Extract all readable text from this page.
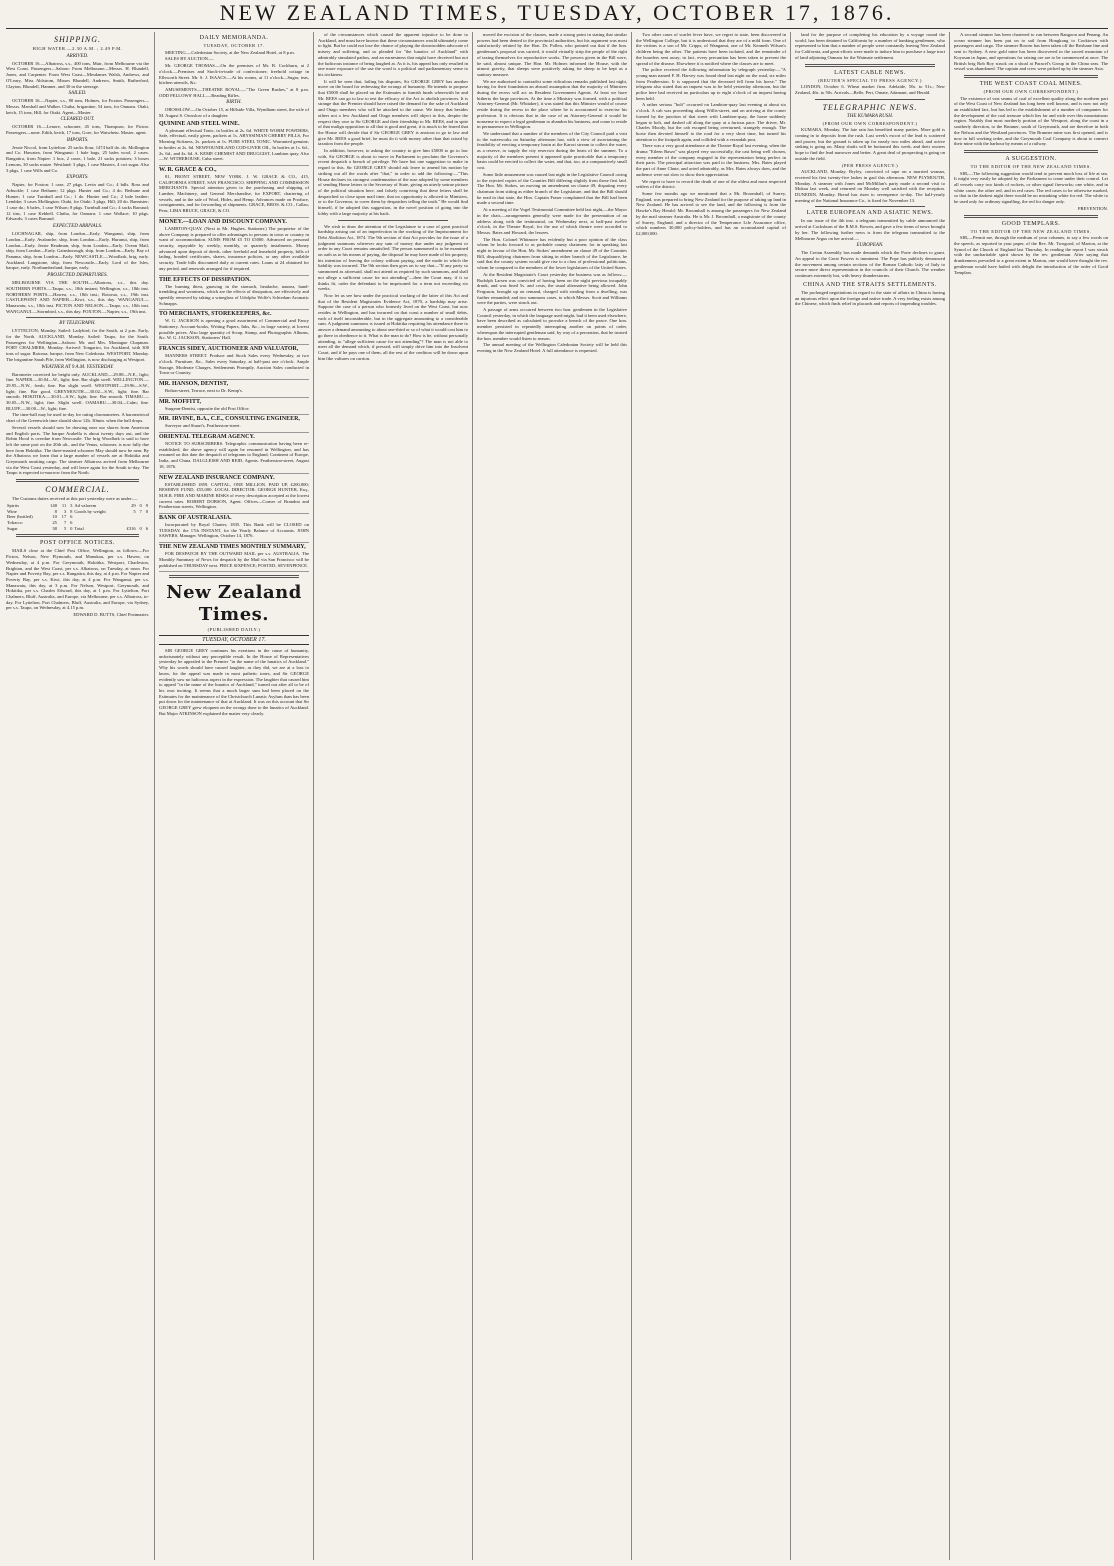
NEW ZEALAND TIMES, TUESDAY, OCTOBER 17, 1876.
SHIPPING.
HIGH WATER.—2.30 A.M. ; 2.49 P.M.
ARRIVED.

OCTOBER 16.—Albatross, s.s., 400 tons, Muir, from Melbourne via the West Coast. Passengers—Saloon: From Melbourne—Messrs. H. Blundell, Jones, and Carpenter. From West Coast—Mesdames Walsh, Andrews, and O'Leary, Miss Ahlstrom, Misses Blundell, Andrews, Smith, Rutherford, Clayton, Blundell, Hanmer, and 30 in the steerage.

SAILED.

OCTOBER 16.—Napier, s.s., 80 tons, Holmes, for Foxton. Passengers—Messrs. Marshall and Walker. Clutha, brigantine, 54 tons, for Oamaru. Otaki, ketch, 15 tons, Hill, for Otaki. Agent—Master.

CLEARED OUT.

OCTOBER 16.—Lenore, schooner, 45 tons, Thompson, for Picton. Passengers—none. Edith, ketch, 17 tons, Gore, for Waiwhetu. Master, agent.

IMPORTS.

Jessie Niccol, from Lyttelton: 25 sacks flour, 1474 half do. do. Mollington and Co. Hawatea, from Wanganui: 1 bale bags, 25 bales wool, 2 cases. Rangatira, from Napier: 1 box, 2 cases, 1 bale, 21 sacks potatoes; 3 boxes Lemons, 30 sacks maize. Westland: 3 pkgs, 1 case Masters, 4 cwt sugar. Also 3 pkgs, 1 case Wills and Co.

EXPORTS.

Napier, for Foxton: 1 case, 27 pkgs. Levin and Co.; 4 bdls. Ross and Arbuckle; 1 case Bethune; 12 pkgs. Hunter and Co.; 4 do. Bethune and Hunter; 1 case Turnbull and Co.; 1 do. Hunter and Co.; 2 bale leather; Lembke; 3 cases Mollington. Otaki, for Otaki: 3 pkgs. Hill; 20 do. Bannister; 1 case do.; 6 bales, 1 case Wilson; 8 pkgs. Turnbull and Co.; 4 sacks Barraud; 12 tins, 1 case Kebbell. Clutha, for Oamaru: 1 case Wallace; 10 pkgs. Edwards; 3 cases Barraud.

EXPECTED ARRIVALS.

LOCHNAGAR, ship, from London—Early. Wanganui, ship, from London—Early. Avalanche, ship, from London—Early. Hurunui, ship, from London—Early. Jessie Readman, ship, from London—Early. Ocean Mail, ship, from London—Early. Gainsborough, ship, from London—Early. Bay of Panama, ship, from London—Early. NEWCASTLE.—Woodlark, brig, early. Auckland. Langstone, ship, from Newcastle—Early. Lord of the Isles, barque, early. Northumberland, barque, early.

PROJECTED DEPARTURES.

MELBOURNE VIA THE SOUTH.—Albatross, s.s., this day. SOUTHERN PORTS.—Taupo, s.s., 18th instant; Wellington, s.s., 18th inst. NORTHERN PORTS.—Hawea, s.s., 18th inst.; Rotorua, s.s., 19th inst. CASTLEPOINT AND NAPIER.—Kiwi, s.s., this day. WANGANUI.—Manawatu, s.s., 18th inst. PICTON AND NELSON.—Taupo, s.s., 18th inst. WANGANUI.—Stormbird, s.s., this day. FOXTON.—Napier, s.s., 19th inst.

BY TELEGRAPH.

LYTTELTON, Monday. Sailed: Ladybird, for the South, at 2 p.m. Early, for the North. AUCKLAND, Monday. Sailed: Taupo, for the South. Passengers for Wellington—Saloon: Mr. and Mrs. Montague Chapman. PORT CHALMERS, Monday. Arrived: Tongariro, for Auckland, with 300 tons of sugar. Rotorua, barque, from New Caledonia. WESTPORT, Monday. The brigantine Sarah Pile, from Wellington, is now discharging at Westport.

WEATHER AT 9 A.M. YESTERDAY.

Barometer corrected for height only. AUCKLAND.—29.88—N.E., light; fine. NAPIER.—30.04—W., light; fine. Bar slight swell. WELLINGTON.—29.95—N.W., fresh; fine. Bar slight swell. WESTPORT.—29.96—S.W., light; fine. Bar good. GREYMOUTH.—30.02—S.W., light; fine. Bar smooth. HOKITIKA.—30.01—S.W., light; fine. Bar smooth. TIMARU.—30.05—N.W., light; fine. Slight swell. OAMARU.—30.04—Calm; fine. BLUFF.—30.00—W., light; fine.

The time-ball may be used to-day for rating chronometers. A barometrical chart of the Greenwich time should show 12h. 30min. when the ball drops.

Several vessels should now be drawing near our shores from American and English ports. The barque Arabella is about twenty days out, and the Robin Hood is overdue from Newcastle. The brig Woodlark is said to have left the same port on the 20th ult., and the Venus, schooner, is now fully due here from Hokitika. The three-masted schooner May should now be near. By the Albatross we learn that a large number of vessels are at Hokitika and Greymouth awaiting cargo. The steamer Albatross arrived from Melbourne via the West Coast yesterday, and will leave again for the South to-day. The Taupo is expected to-morrow from the North.

COMMERCIAL.

The Customs duties received at this port yesterday were as under:—

Spirits	148	11	3	Ad valorem	29	0	9
Wine	8	3	8	Goods by weight	5	7	0
Beer (bottled)	10	17	6				
Tobacco	25	7	6				
Sugar	38	5	0	Total	£316	0	6
POST OFFICE NOTICES.

MAILS close at the Chief Post Office, Wellington, as follows:—For Picton, Nelson, New Plymouth, and Manukau, per s.s. Hawea, on Wednesday, at 4 p.m. For Greymouth, Hokitika, Westport, Charleston, Brighton, and the West Coast, per s.s. Albatross, on Tuesday, at noon. For Napier and Poverty Bay, per s.s. Rangatira, this day, at 4 p.m. For Napier and Poverty Bay, per s.s. Kiwi, this day, at 4 p.m. For Wanganui, per s.s. Manawatu, this day, at 3 p.m. For Nelson, Westport, Greymouth, and Hokitika, per s.s. Charles Edward, this day, at 1 p.m. For Lyttelton, Port Chalmers, Bluff, Australia, and Europe, via Melbourne, per s.s. Albatross, to-day. For Lyttelton, Port Chalmers, Bluff, Australia, and Europe, via Sydney, per s.s. Taupo, on Wednesday, at 4.15 p.m.

EDWARD D. BUTTS, Chief Postmaster.

DAILY MEMORANDA.
TUESDAY, OCTOBER 17.

MEETING.—Caledonian Society, at the New Zealand Hotel, at 8 p.m.

SALES BY AUCTION.—

Mr. GEORGE THOMAS.—On the premises of Mr. B. Cockburn, at 2 o'clock.—Premises and Stock-in-trade of confectioner; freehold cottage in Ellsworth Street. Mr. S. J. ISAACS.—At his rooms, at 11 o'clock—Sugar, teas, kitchen utensils, &c.

AMUSEMENTS.—THEATRE ROYAL.—"The Green Bushes," at 8 p.m. ODD FELLOWS' HALL.—Reading Rifles.

BIRTH.

OROSSLOW.—On October 15, at Hillside Villa, Wyndham street, the wife of M. August S. Orosslow of a daughter.

QUININE AND STEEL WINE.

A pleasant effectual Tonic, in bottles at 2s. 6d. WHITE WORM POWDERS, Safe, effectual, easily given, packets at 1s. ABYSSINIAN CHERRY PILLS, For Morning Sickness, 2s. packets at 1s. PURE STEEL TONIC. Warranted genuine, in bottles at 2s. 6d. NEWFOUNDLAND COD-LIVER OIL, In bottles at 1s. 6d., 2s. 6d., and 4s. 6d. A. KEMP, CHEMIST AND DRUGGIST, Lambton quay. Also—W. WITHEROUSE, Cuba street.

W. R. GRACE & CO.,

81, FRONT STREET, NEW YORK. J. W. GRACE & CO., 415, CALIFORNIA STREET, SAN FRANCISCO. SHIPPING AND COMMISSION MERCHANTS. Special attention given to the purchasing and shipping of Lumber, Machinery, and General Merchandise, for EXPORT, chartering of vessels, and to the sale of Wool, Hides, and Hemp. Advances made on Produce, consignments, and for forwarding of shipments. GRACE, BROS. & CO., Callao, Peru; LIMA BRUCE, GRACE, & CO.

MONEY.—LOAN AND DISCOUNT COMPANY.

LAMBTON-QUAY. (Next to Mr. Hughes, Stationer.) The proprietor of the above Company is prepared to offer advantages to persons in town or country in want of accommodation. SUMS FROM £5 TO £5000. Advanced on personal security, repayable by weekly, monthly, or quarterly instalments. Money advanced upon deposit of deeds, other freehold and leasehold property, bills of lading, bonded certificates, shares, insurance policies, or any other available security. Trade bills discounted daily at current rates. Loans at 24 obtained for any period, and renewals arranged for if required.

THE EFFECTS OF DISSIPATION.

The burning thirst, gnawing in the stomach, headache, nausea, hand-trembling and weariness, which are the effects of dissipation, are effectively and speedily removed by taking a wineglass of Udolpho Wolfe's Schiedam Aromatic Schnapps.

TO MERCHANTS, STOREKEEPERS, &c.

W. G. JACKSON is opening a good assortment of Commercial and Fancy Stationery. Account-books, Writing Papers, Inks, &c., in large variety, at lowest possible prices. Also large quantity of Scrap, Stamp, and Photographic Albums, &c. W. G. JACKSON, Stationers' Hall.

FRANCIS SIDEY, AUCTIONEER AND VALUATOR,

MANNERS STREET. Produce and Stock Sales every Wednesday, at two o'clock. Furniture, &c., Sales every Saturday, at half-past one o'clock. Ample Storage, Moderate Charges, Settlements Promptly. Auction Sales conducted in Town or Country.

MR. HANSON, DENTIST,

Bolton-street, Terrace, next to Dr. Kemp's.

MR. MOFFITT,

Surgeon-Dentist, opposite the old Post Office.

MR. IRVINE, B.A., C.E., CONSULTING ENGINEER,

Surveyor and Stuart's, Featherston-street.

ORIENTAL TELEGRAM AGENCY.

NOTICE TO SUBSCRIBERS. Telegraphic communication having been re-established, the above agency will again be resumed in Wellington, and has resumed on this date the despatch of telegrams to England, Continent of Europe, India, and China. DALGLEISH AND REID, Agents. Featherston-street, August 18, 1876.

NEW ZEALAND INSURANCE COMPANY.

ESTABLISHED 1859. CAPITAL, ONE MILLION. PAID UP, £200,000; RESERVE FUND, £55,000. LOCAL DIRECTOR: GEORGE HUNTER, Esq., M.H.R. FIRE AND MARINE RISKS of every description accepted at the lowest current rates. ROBERT DOBSON, Agent. Offices—Corner of Brandon and Featherston streets, Wellington.

BANK OF AUSTRALASIA.

Incorporated by Royal Charter, 1835. This Bank will be CLOSED on TUESDAY, the 17th INSTANT, for the Yearly Balance of Accounts. JOHN SAWERS, Manager. Wellington, October 14, 1876.

THE NEW ZEALAND TIMES MONTHLY SUMMARY,

FOR DESPATCH BY THE OUTWARD MAIL per s.s. AUSTRALIA. The Monthly Summary of News for despatch by the Mail via San Francisco will be published on THURSDAY next. PRICE SIXPENCE; POSTED, SEVENPENCE.

New Zealand Times.
(PUBLISHED DAILY.)
TUESDAY, OCTOBER 17.

SIR GEORGE GREY continues his exertions in the cause of humanity, unfortunately without any perceptible result. In the House of Representatives yesterday he appealed to the Premier "in the name of the lunatics of Auckland." Why his words should have caused laughter, as they did, we are at a loss to know, for the appeal was made in most pathetic tones, and Sir GEORGE evidently saw no ludicrous aspect in the expression. The laughter that caused him to appeal "in the name of the lunatics of Auckland," turned out after all to be of his own inciting. It seems that a much larger sum had been placed on the Estimates for the maintenance of the Christchurch Lunatic Asylum than has been put down for the maintenance of that at Auckland. It was on this account that Sir GEORGE GREY grew eloquent on the wrongs done to the lunatics of Auckland. But Major ATKINSON explained the matter very clearly.

of the circumstances which caused the apparent injustice to be done to Auckland, and must have known that these circumstances would ultimately come to light. But he could not lose the chance of playing the downtrodden advocate of misery and suffering, and so pleaded for "the lunatics of Auckland" with admirably simulated pathos, and an earnestness that might have deceived but not the ludicrous instance of being laughed at. As it is, his appeal has only resulted in one more exposure of the use the word is a political and parliamentary sense to his trickiness.

It will be seen that, failing his disputes, Sir GEORGE GREY has another move on the board for redressing the wrongs of humanity. He intends to propose that £5000 shall be placed on the Estimates to furnish funds wherewith he and Mr. REES can go to law to test the efficacy of the Act to abolish provinces. It is strange that the Premier should have raised the demand for the sake of Auckland and Otago members who will be attached to the cause. We fancy that besides others not a few Auckland and Otago members will object to this, despite the respect they owe to Sir GEORGE and their friendship to Mr. REES, and in spite of that malign opposition to all that is good and great, it is much to be feared that the House will decide that if Sir GEORGE GREY is anxious to go to law and give Mr. REES a good brief, he must do it with money other than that raised by taxation from the people.

In addition, however, to asking the country to give him £5000 to go to law with, Sir GEORGE is about to move in Parliament to proclaim the Governor's recent despatch a breach of privilege. We have but one suggestion to make in regard to this. Sir GEORGE GREY should ask leave to amend his motion by striking out all the words after "that," in order to add the following:—"This House declares its strongest condemnation of the ruse adopted by some members of sending Home letters to the Secretary of State, giving an utterly untrue picture of the political situation here, and falsely contriving that these letters shall be despatched so close upon mail time, that no opportunity is allowed to Ministers, or to the Governor, to cover them by despatches telling the truth." He would find himself, if he adopted this suggestion, in the novel position of going into the lobby with a large majority at his back.

We wish to draw the attention of the Legislature to a case of great practical hardship arising out of an imperfection in the working of the Imprisonment for Debt Abolition Act, 1874. The 9th section of that Act provides for the issue of a judgment summons wherever any sum of money due under any judgment or order in any Court remains unsatisfied. The person summoned is to be examined on oath as to his means of paying, the disposal he may have made of his property, his intention of leaving the colony without paying, and the mode in which the liability was incurred. The 9th section then goes on to say that—"If any party so summoned as aforesaid, shall not attend as required by such summons, and shall not allege a sufficient cause for not attending"—then the Court may, if it so thinks fit, order the defendant to be imprisoned for a term not exceeding six weeks.

Now let us see how under the practical working of the latter of this Act and that of the Resident Magistrates Evidence Act, 1870, a hardship may arise. Suppose the case of a person who formerly lived on the West Coast, but now resides in Wellington, and has incurred on that coast a number of small debts, each of itself inconsiderable, but in the aggregate amounting to a considerable sum. A judgment summons is issued at Hokitika requiring his attendance there to answer a demand amounting to about one-third or so of what it would cost him to go there in obedience to it. What is the man to do? How is he, without personally attending, to "allege sufficient cause for not attending"? The man is not able to meet all the demand which, if pressed, will simply drive him into the Insolvent Court, and if he pays one of them, all the rest of the creditors will be down upon him like vultures on carrion.

moved the excision of the clauses, made a strong point in stating that similar powers had been denied to the provincial authorities, but his argument was most satisfactorily refuted by the Hon. Dr. Pollen, who pointed out that if the hon. gentleman's proposal was carried, it would virtually strip the people of the right of taxing themselves for reproductive works. The powers given in the Bill were, he said, almost unique. The Hon. Mr. Holmes informed the House, with the utmost gravity, that sheeps were positively asking for sheep to be kept as a sanitary measure.

We are authorised to contradict some ridiculous remarks published last night, having for their foundation an absurd assumption that the majority of Ministers during the recess will act as Resident Government Agents. At least we have hitherto the large provinces. At the time a Ministry was formed, with a political Attorney-General (Mr. Whitaker), it was stated that this Minister would of course reside during the recess in the place where he is accustomed to exercise his profession. It is obvious that in the case of an Attorney-General it would be nonsense to expect a legal gentleman to abandon his business, and come to reside in permanence in Wellington.

We understand that a number of the members of the City Council paid a visit to the waterworks on Saturday afternoon last, with a view of ascertaining the feasibility of erecting a temporary basin at the Karori stream to collect the water, as a reserve, to supply the city reservoir during the heats of the summer. To a majority of the members present it appeared quite practicable that a temporary basin could be erected to collect the water, and that, too, at a comparatively small cost.

Some little amusement was caused last night in the Legislative Council owing to the rejected copies of the Counties Bill differing slightly from those first laid. The Hon. Mr. Stokes, on moving an amendment on clause 49, disputing every chairman from sitting as either branch of the Legislature, and that the Bill should be read in that state, the Hon. Captain Fraser complained that the Bill had been made a second time.

At a meeting of the Vogel Testimonial Committee held last night,—the Mayor in the chair,—arrangements generally were made for the presentation of an address along with the testimonial, on Wednesday next, at half-past twelve o'clock, in the Theatre Royal, for the use of which theatre were accorded to Messrs. Bates and Howard, the lessees.

The Hon. Colonel Whitmore has evidently but a poor opinion of the class whom he looks forward to as probable county chairmen; for in speaking last night in favour of the Hon. Mr. Stokes' amendment on clause 49 of the Counties Bill, disqualifying chairmen from sitting in either branch of the Legislature, he said that the county system would give rise to a class of professional politicians, whom he compared to the members of the lower legislatures of the United States.

At the Resident Magistrate's Court yesterday the business was as follows:—Rudolph Larsen was convicted of having been on the night previous incapably drunk, and was fined 5s. and costs, the usual alternative being allowed. John Ferguson, brought up on remand, charged with stealing from a dwelling, was further remanded; and two summons cases, to which Messrs. Scott and Williams were the parties, were struck out.

A passage of arms occurred between two hon. gentlemen in the Legislative Council yesterday, in which the language used might, had it been used elsewhere, have been described as calculated to provoke a breach of the peace. One hon. member persisted in repeatedly interrupting another on points of order, whereupon the interrupted gentleman said, by way of a peroration, that he trusted the hon. member would listen to reason.

The annual meeting of the Wellington Caledonian Society will be held this evening in the New Zealand Hotel. A full attendance is requested.

Two other cases of scarlet fever have, we regret to state, been discovered in the Wellington College, but it is understood that they are of a mild form. One of the victims is a son of Mr. Cripps, of Wanganui, one of Mr. Kenneth Wilson's children being the other. The patients have been isolated, and the remainder of the boarders sent away; in fact, every precaution has been taken to prevent the spread of the disease. Elsewhere it is notified where the classes are to meet.

The police received the following information by telegraph yesterday:—"A young man named F. H. Harvey was found dead last night on the road, six miles from Featherston. It is supposed that the deceased fell from his horse." The telegram also stated that an inquest was to be held yesterday afternoon, but the police here had received no particulars up to eight o'clock of an inquest having been held.

A rather serious "bolt" occurred on Lambton-quay last evening at about six o'clock. A cab was proceeding along Willis-street, and on arriving at the corner formed by the junction of that street with Lambton-quay, the horse suddenly began to bolt, and dashed off along the quay at a furious pace. The driver, Mr. Charles Moody, but the cab escaped being overturned, strangely enough. The horse then devoted himself to the road for a very short time, but turned his attention to the footpath again, and collided with a verandah post.

There was a very good attendance at the Theatre Royal last evening, when the drama "Eileen Bawn" was played very successfully, the cast being well chosen, every member of the company engaged in the representation being perfect in their parts. The principal attraction was paid to the business. Mrs. Bates played the part of Anne Chute, and acted admirably, as Mrs. Bates always does, and the audience were not slow to show their appreciation.

We regret to have to record the death of one of the oldest and most respected settlers of the district.

Some few months ago we mentioned that a Mr. Broomhall, of Surrey, England, was prepared to bring New Zealand for the purpose of taking up land in New Zealand. He has arrived to see the land, and the following is from the Hawke's Bay Herald: Mr. Broomhall is among the passengers for New Zealand by the mail steamer Australia. He is Mr. J. Broomhall, a magistrate of the county of Surrey, England, and a director of the Temperance Life Assurance office, which numbers 30,000 policy-holders, and has an accumulated capital of £2,000,000.

land for the purpose of completing his education by a voyage round the world, has been detained in California by a number of banking gentlemen, who represented to him that a number of people were constantly leaving New Zealand for California, and great efforts were made to induce him to purchase a large tract of land adjoining Oamaru for the Waimate settlement.

LATEST CABLE NEWS.
(REUTER'S SPECIAL TO PRESS AGENCY.)

LONDON, October 6. Wheat market firm. Adelaide, 50s. to 51s.; New Zealand, 46s. to 50s. Arrivals—Belle, Peri, Ornate, Adamant, and Herald.

TELEGRAPHIC NEWS.
THE KUMARA RUSH.
(FROM OUR OWN CORRESPONDENT.)

KUMARA, Monday. The late rain has benefited many parties. More gold is coming in to deposits from the rush. Last week's escort of the lead is scattered and poorer, but the ground is taken up for nearly two miles ahead, and active sinking is going on. Many shafts will be bottomed this week, and their owners hope to find the lead narrower and better. A great deal of prospecting is going on outside the field.

(PER PRESS AGENCY.)

AUCKLAND, Monday. Bryley, convicted of rape on a married woman, received his first twenty-five lashes in gaol this afternoon. NEW PLYMOUTH, Monday. A steamer with Jones and McMillan's party made a second visit to Mokau last week, and returned on Monday well satisfied with the reception. DUNEDIN, Monday. Bread has risen to sevenpence to-day. The half-yearly meeting of the National Insurance Co., is fixed for November 13.

LATER EUROPEAN AND ASIATIC NEWS.

In our issue of the 4th inst. a telegram transmitted by cable announced the arrival at Cocksburn of the R.M.S. Bowen, and gave a few items of news brought by her. The following further news is from the telegram transmitted to the Melbourne Argus on her arrival:—

EUROPEAN.

The Cretan Assembly has made demands which the Porte declines to grant. An appeal to the Great Powers is imminent. The Pope has publicly denounced the movement among certain sections of the Roman Catholic laity of Italy to secure more direct representation in the councils of their Church. The weather continues extremely hot, with heavy thunderstorms.

CHINA AND THE STRAITS SETTLEMENTS.

The prolonged negotiations in regard to the state of affairs in China is having an injurious effect upon the foreign and native trade. A very feeling exists among the Chinese, which finds relief in placards and reports of impending troubles.

A second steamer has been chartered to run between Rangoon and Penang. An ocean steamer has been put on to sail from Hongkong to Cooktown with passengers and cargo. The steamer Bowen has been taken off the Brisbane line and sent to Sydney. A new gold mine has been discovered in the sacred mountain of Koyasan in Japan, and operations for raising ore are to be commenced at once. The British brig Rob Roy struck on a shoal at Paracel's Group in the China seas. The vessel was abandoned. The captain and crew were picked up by the steamer Asia.

THE WEST COAST COAL MINES.
(FROM OUR OWN CORRESPONDENT.)

The existence of vast seams of coal of excellent quality along the northern part of the West Coast of New Zealand has long been well known, and is now not only an established fact, but has led to the establishment of a number of companies for the development of the coal treasure which lies far and wide over this mountainous region. Notably that most northerly portion of the Westport, along the coast in a southerly direction, to the Brunner, south of Greymouth, and are therefore in both the Nelson and the Westland provinces. The Brunner mine was first opened, and is now in full working order, and the Greymouth Coal Company is about to connect their mine with the harbour by means of a railway.

A SUGGESTION.
TO THE EDITOR OF THE NEW ZEALAND TIMES.

SIR,—The following suggestion would tend to prevent much loss of life at sea. It might very easily be adopted by the Parliament to come under their control. Let all vessels carry two kinds of rockets, or other signal fireworks; one white, and in white cases; the other red, and in red cases. The red cases to be otherwise marked, so that in the darkest night there would be no mistaking white for red. The white to be used only for ordinary signalling, the red for danger only.

PREVENTION.

GOOD TEMPLARS.
TO THE EDITOR OF THE NEW ZEALAND TIMES.

SIR,—Permit me, through the medium of your columns, to say a few words on the speech, as reported in your paper, of the Rev. Mr. Twogood, of Marton, at the Synod of the Church of England last Thursday. In reading the report I was struck with the uncharitable spirit shown by the rev. gentleman. After saying that drunkenness prevailed to a great extent in Marton, one would have thought the rev. gentleman would have hailed with delight the introduction of the order of Good Templars.
